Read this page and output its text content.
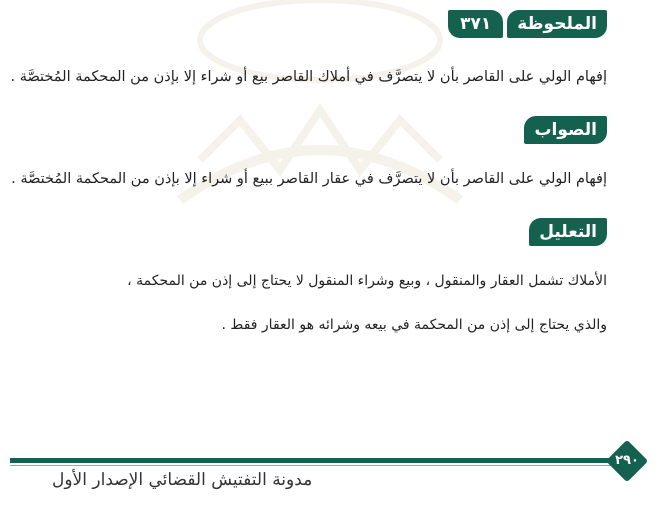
الملحوظة
٣٧١
إفهام الولي على القاصر بأن لا يتصرَّف في أملاك القاصر بيع أو شراء إلا بإذن من المحكمة المُختصَّة .
الصواب
إفهام الولي على القاصر بأن لا يتصرَّف في عقار القاصر ببيع أو شراء إلا بإذن من المحكمة المُختصَّة .
التعليل
الأملاك تشمل العقار والمنقول ، وبيع وشراء المنقول لا يحتاج إلى إذن من المحكمة ،
والذي يحتاج إلى إذن من المحكمة في بيعه وشرائه هو العقار فقط .
٢٩٠
مدونة التفتيش القضائي الإصدار الأول
